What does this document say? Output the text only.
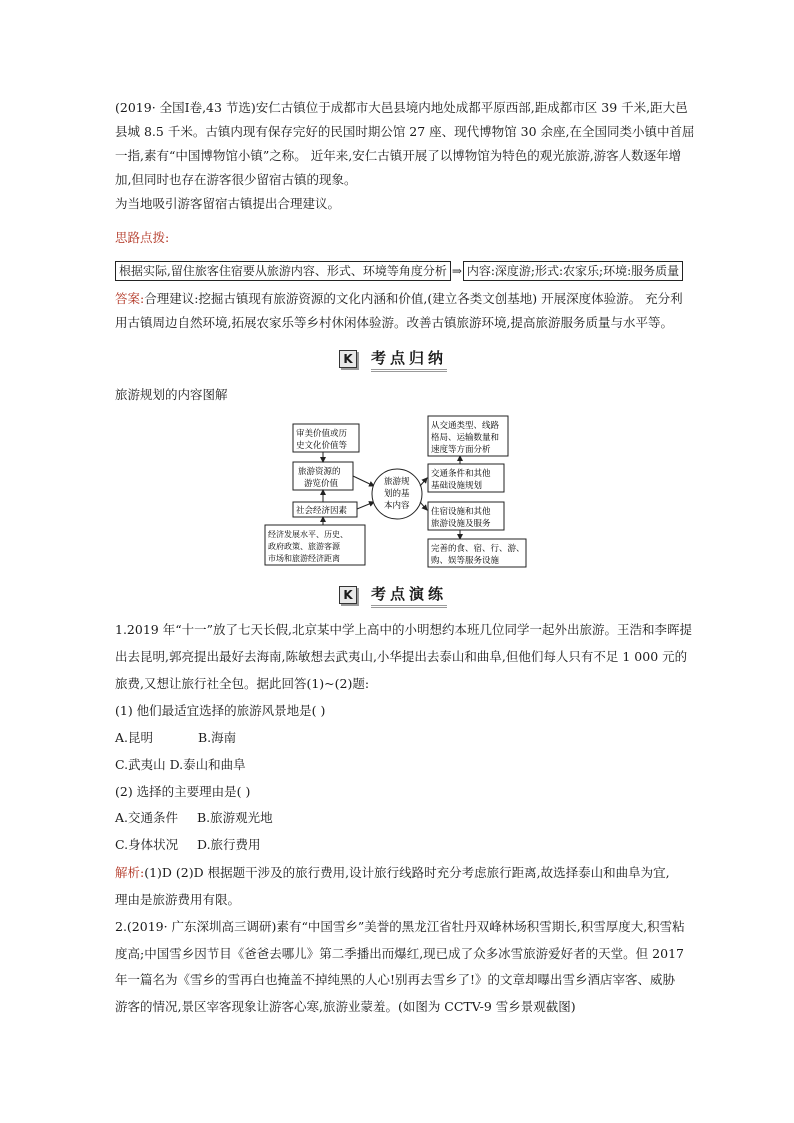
(2019· 全国Ⅰ卷,43 节选)安仁古镇位于成都市大邑县境内地处成都平原西部,距成都市区 39 千米,距大邑
县城 8.5 千米。古镇内现有保存完好的民国时期公馆 27 座、现代博物馆 30 余座,在全国同类小镇中首屈
一指,素有“中国博物馆小镇”之称。 近年来,安仁古镇开展了以博物馆为特色的观光旅游,游客人数逐年增
加,但同时也存在游客很少留宿古镇的现象。
为当地吸引游客留宿古镇提出合理建议。
思路点拨:
根据实际,留住旅客住宿要从旅游内容、形式、环境等角度分析 ⇒ 内容:深度游;形式:农家乐;环境:服务质量
答案:合理建议:挖掘古镇现有旅游资源的文化内涵和价值,(建立各类文创基地) 开展深度体验游。 充分利
用古镇周边自然环境,拓展农家乐等乡村休闲体验游。改善古镇旅游环境,提高旅游服务质量与水平等。
K 考点归纳
旅游规划的内容图解
审美价值或历
史文化价值等
旅游资源的
游览价值
社会经济因素
经济发展水平、历史、
政府政策、旅游客源
市场和旅游经济距离
旅游规
划的基
本内容
从交通类型、线路
格局、运输数量和
速度等方面分析
交通条件和其他
基础设施规划
住宿设施和其他
旅游设施及服务
完善的食、宿、行、游、
购、娱等服务设施
K 考点演练
1.2019 年“十一”放了七天长假,北京某中学上高中的小明想约本班几位同学一起外出旅游。王浩和李晖提
出去昆明,郭亮提出最好去海南,陈敏想去武夷山,小华提出去泰山和曲阜,但他们每人只有不足 1 000 元的
旅费,又想让旅行社全包。据此回答(1)~(2)题:
(1) 他们最适宜选择的旅游风景地是( )
A.昆明	B.海南
C.武夷山 D.泰山和曲阜
(2) 选择的主要理由是( )
A.交通条件 B.旅游观光地
C.身体状况 D.旅行费用
解析:(1)D (2)D 根据题干涉及的旅行费用,设计旅行线路时充分考虑旅行距离,故选择泰山和曲阜为宜,
理由是旅游费用有限。
2.(2019· 广东深圳高三调研)素有“中国雪乡”美誉的黑龙江省牡丹双峰林场积雪期长,积雪厚度大,积雪粘
度高;中国雪乡因节目《爸爸去哪儿》第二季播出而爆红,现已成了众多冰雪旅游爱好者的天堂。但 2017
年一篇名为《雪乡的雪再白也掩盖不掉纯黑的人心!别再去雪乡了!》的文章却曝出雪乡酒店宰客、威胁
游客的情况,景区宰客现象让游客心寒,旅游业蒙羞。(如图为 CCTV-9 雪乡景观截图)
